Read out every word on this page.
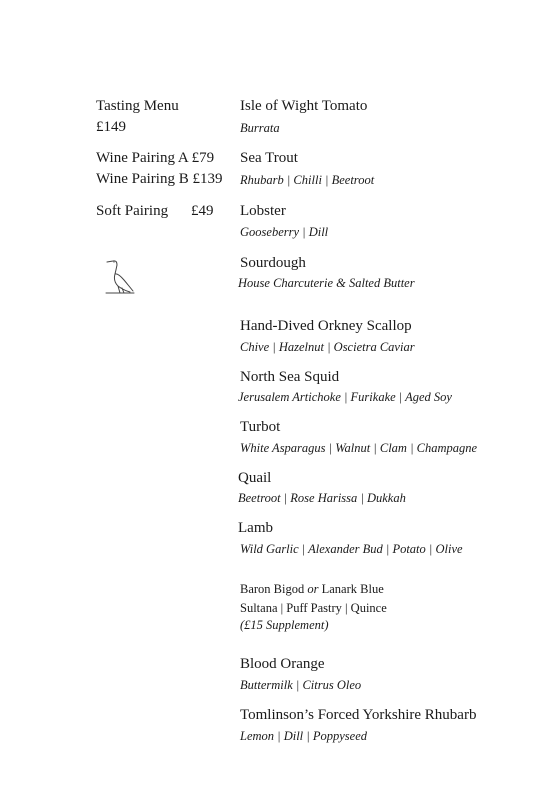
Tasting Menu
£149
Wine Pairing A £79
Wine Pairing B £139
Soft Pairing £49
Isle of Wight Tomato
Burrata
Sea Trout
Rhubarb | Chilli | Beetroot
Lobster
Gooseberry | Dill
Sourdough
House Charcuterie & Salted Butter
Hand-Dived Orkney Scallop
Chive | Hazelnut | Oscietra Caviar
North Sea Squid
Jerusalem Artichoke | Furikake | Aged Soy
Turbot
White Asparagus | Walnut | Clam | Champagne
Quail
Beetroot | Rose Harissa | Dukkah
Lamb
Wild Garlic | Alexander Bud | Potato | Olive
Baron Bigod or Lanark Blue
Sultana | Puff Pastry | Quince
(£15 Supplement)
Blood Orange
Buttermilk | Citrus Oleo
Tomlinson’s Forced Yorkshire Rhubarb
Lemon | Dill | Poppyseed
